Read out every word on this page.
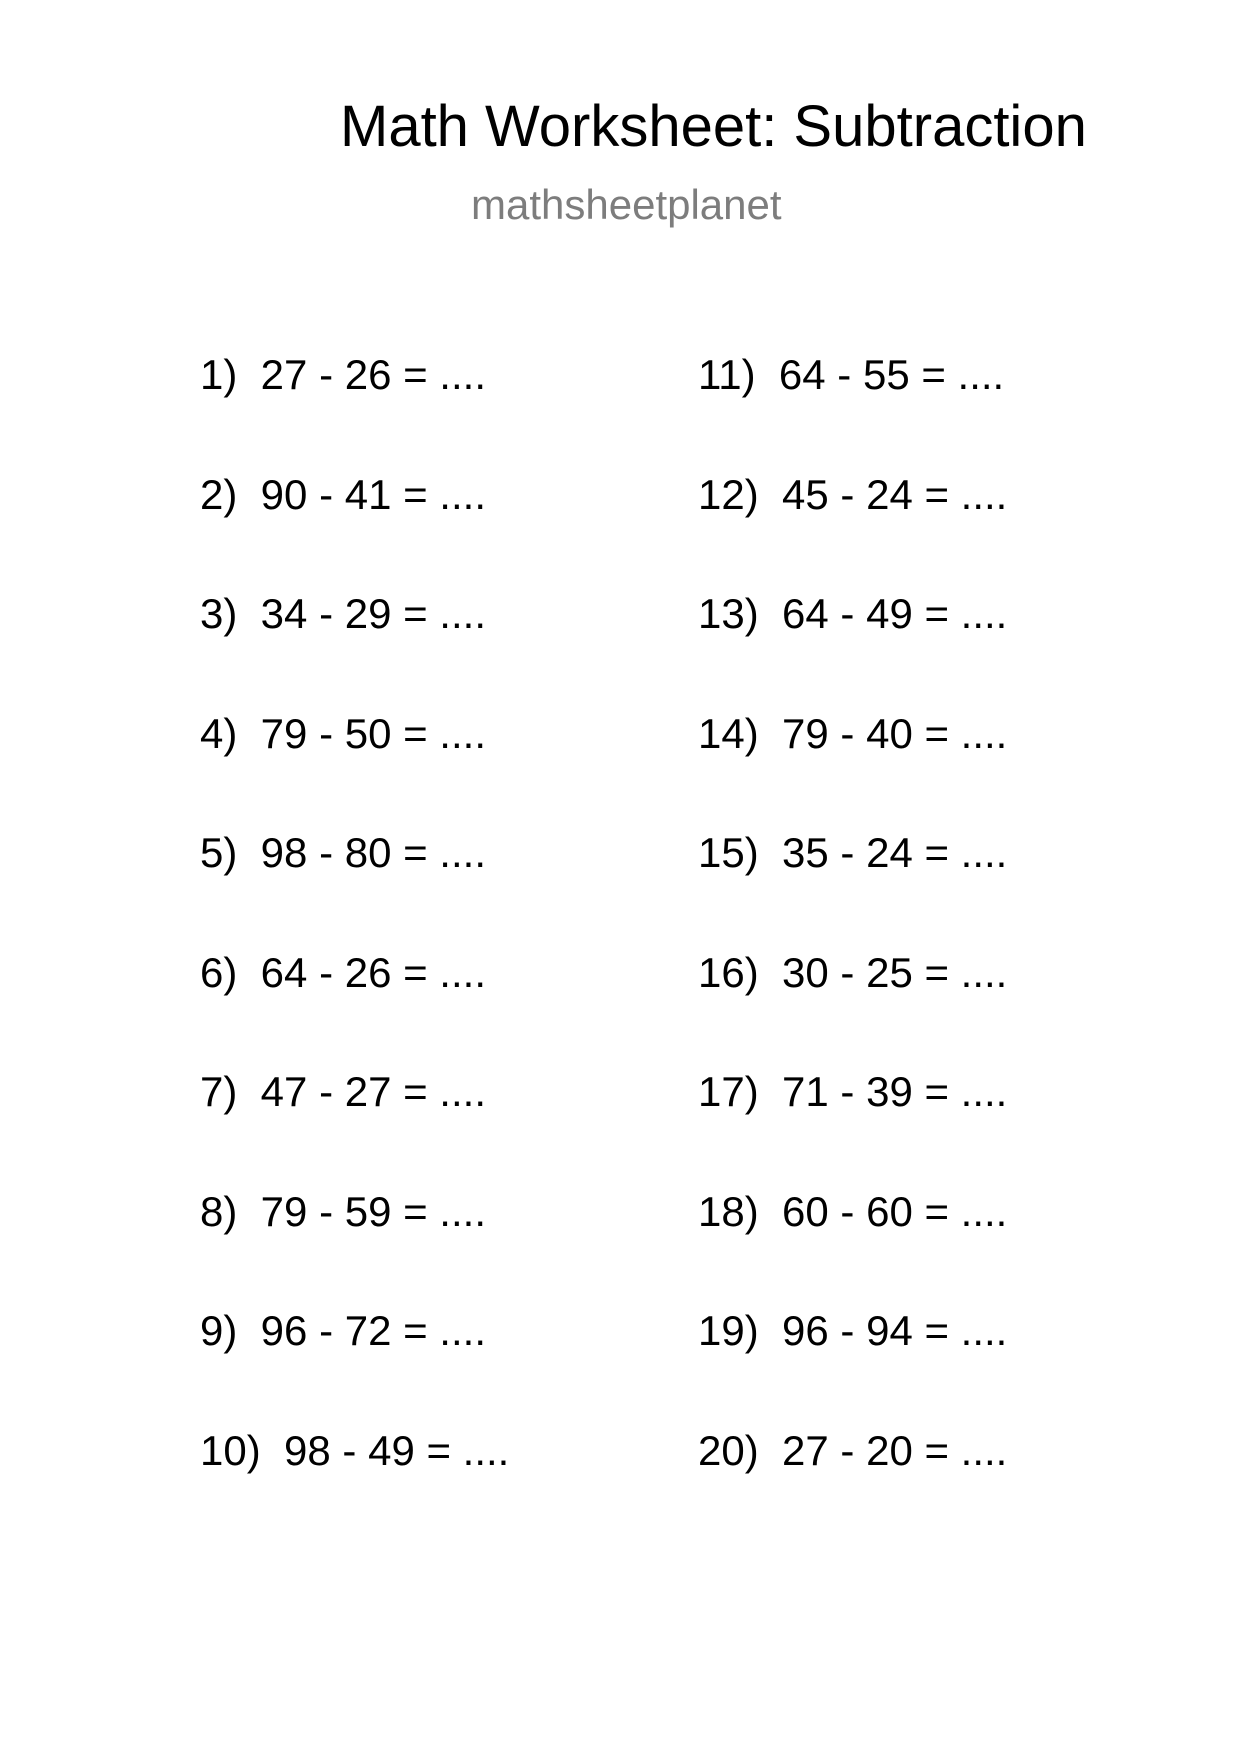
Math Worksheet: Subtraction
mathsheetplanet
1)  27 - 26 = ....
2)  90 - 41 = ....
3)  34 - 29 = ....
4)  79 - 50 = ....
5)  98 - 80 = ....
6)  64 - 26 = ....
7)  47 - 27 = ....
8)  79 - 59 = ....
9)  96 - 72 = ....
10)  98 - 49 = ....
11)  64 - 55 = ....
12)  45 - 24 = ....
13)  64 - 49 = ....
14)  79 - 40 = ....
15)  35 - 24 = ....
16)  30 - 25 = ....
17)  71 - 39 = ....
18)  60 - 60 = ....
19)  96 - 94 = ....
20)  27 - 20 = ....
